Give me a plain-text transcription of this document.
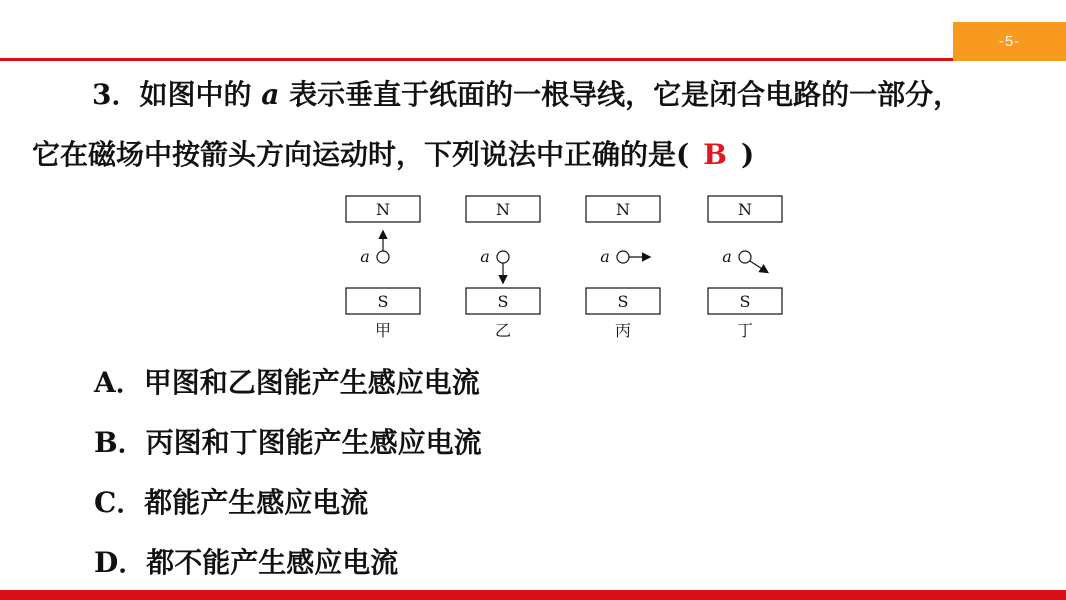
-5-
3．如图中的 a 表示垂直于纸面的一根导线，它是闭合电路的一部分，
它在磁场中按箭头方向运动时，下列说法中正确的是( B )
N
S
a
甲
N
S
a
乙
N
S
a
丙
N
S
a
丁
A．甲图和乙图能产生感应电流
B．丙图和丁图能产生感应电流
C．都能产生感应电流
D．都不能产生感应电流
